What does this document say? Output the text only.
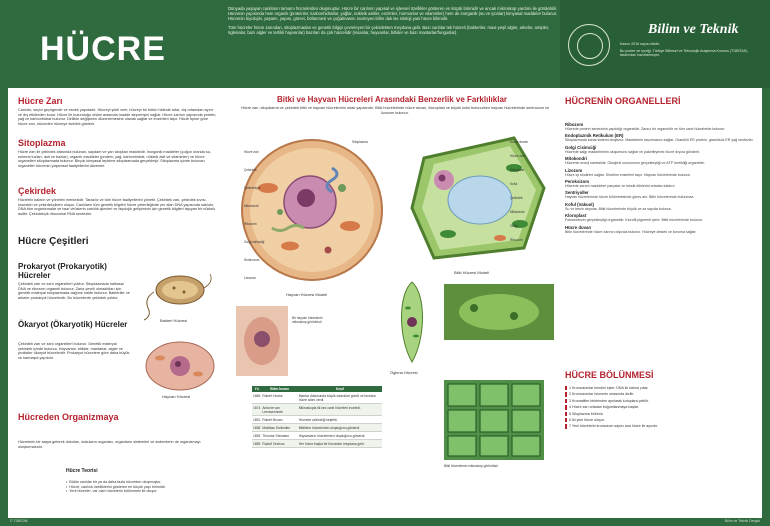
HÜCRE

Dünyada yaşayan canlıların tamamı hücrelerden oluşmuştur. Hücre bir canlının yapısal ve işlevsel özellikler gösteren en küçük birimidir ve ancak mikroskop yardımı ile görülebilir. Hücrenin yapısında hem organik (proteinler, karbonhidratlar, yağlar, nükleik asitler, enzimler, hormonlar ve vitaminler) hem de inorganik (su ve iyonlar) kimyasal maddeler bulunur. Hücrenin biyolojisi, yaşamı, yapısı, görevi, bölünmesi ve çoğalmasını inceleyen bilim dalı ise sitoloji yani hücre bilimidir.

Tüm hücreler hücre zarından, sitoplazmadan ve genetik bilgiyi çevreleyen bir çekirdekten meydana gelir. Bazı canlılar tek hücreli (bakteriler, mavi-yeşil algler, arkeler, amipler, öglenalar, bazı algler ve terlikli hayvanlar) bazıları da çok hücrelidir (insanlar, hayvanlar, bitkiler ve bazı mantarlar/funguslar).	Bilim ve Teknik

Kasım 2016 sayısı ekidir.

Bu poster ve içeriği, Türkiye Bilimsel ve Teknolojik Araştırma Kurumu (TÜBİTAK) tarafından hazırlanmıştır.

© TÜBİTAK	Bilim ve Teknik Dergisi
Hücre Zarı
Canlıdır, seçici geçirgendir ve esnek yapıdadır. Hücreyi şekil verir, hücreyi bir bütün hâlinde tutar, dış ortamdan ayırır ve dış etkilerden korur. Hücre ile bulunduğu ortam arasında madde alışverişini sağlar. Hücre zarının yapısında protein, yağ ve karbonhidrat bulunur. Dirilikle değişimini düzenlemesine olanak sağlar ve enzimleri taşır. Hücre tipine göre hücre zarı, hücreden hücreye farklılık gösterir.
Sitoplazma
Hücre zarı ile çekirdek arasında bulunan, saydam ve yarı akışkan maddedir. İnorganik maddeler (çoğun oranda su, mineral tuzları, asit ve bazlar), organik maddeler (protein, yağ, karbonhidrat, nükleik asit ve vitaminler) ve hücre organelleri sitoplazmada bulunur. Birçok kimyasal tepkime sitoplazmada gerçekleşir. Sitoplazma içinde bulunan organeller hücrenin yaşamsal faaliyetlerini düzenler.
Çekirdek
Hücrenin kalıtım ve yönetim merkezidir. Tarazöz ve tüm hücre faaliyetlerini yönetir. Çekirdek zarı, çekirdek sıvısı, kromatin ve çekirdekçikten oluşur. Canlıların tüm genetik bilgileri hücre çekirdeğinde yer alan DNA yapısında saklıdır. DNA tüm organizmalar ve bazı virüslerin canlılık işlevleri ve biyolojik gelişiminin için genetik bilgileri taşıyan bir nükleik asittir. Çekirdekçik ribozomal RNA sentezler.
Hücre Çeşitleri
Prokaryot (Prokaryotik) Hücreler
Çekirdek zarı ve zarlı organelleri yoktur. Sitoplazmada halkasal DNA ve ribozom organeli bulunur. Zarla çevrili olmadıkları için genetik materyal sitoplazmada dağınık halde bulunur. Bakteriler ve arkeler prokaryot hücrelerdir. Bu hücrelerde çekirdek yoktur.
Ökaryot (Ökaryotik) Hücreler
Çekirdek zarı ve zarlı organelleri bulunur. Genetik materyal çekirdek içinde bulunur. Hayvanlar, bitkiler, mantarlar, algler ve protistler ökaryot hücrelerdir. Prokaryot hücrelere göre daha büyük ve karmaşık yapılıdır.
Bakteri Hücresi
Hayvan Hücresi
Hücreden Organizmaya
Hücrelerin bir araya gelerek dokuları, dokuların organları, organların sistemleri ve sistemlerin de organizmayı oluşturmasıdır.
Hücre Teorisi
• Bütün canlılar bir ya da daha fazla hücreden oluşmuştur.
• Hücre, canlılık özelliklerini gösteren en küçük yapı birimidir.
• Yeni hücreler, var olan hücrelerin bölünmesi ile oluşur.
Bitki ve Hayvan Hücreleri Arasındaki Benzerlik ve Farklılıklar
Hücre zarı, sitoplazma ve çekirdek bitki ve hayvan hücrelerinin ortak yapılarıdır. Bitki hücrelerinde hücre duvarı, kloroplast ve büyük koful bulunurken hayvan hücrelerinde sentrozom ve lizozom bulunur.
Hücre zarı
Çekirdek
Çekirdekçik
Mitokondri
Ribozom
Golgi cisimciği
Sentrozom
Lizozom
Sitoplazma
Hayvan Hücresi Modeli
Hücre duvarı
Hücre zarı
Kloroplast
Koful
Çekirdek
Mitokondri
Golgi
Ribozom
Bitki Hücresi Modeli
Bir hayvan hücresinin mikroskop görüntüsü
Öglena Hücresi
Bitki hücrelerinin mikroskop görüntüsü
Yıl	Bilim İnsanı	Keşif
1665	Robert Hooke	Mantar dokusunda küçük odacıklar gördü ve bunlara hücre adını verdi.
1674	Antonie van Leeuwenhoek	Mikroskopla ilk kez canlı hücreleri inceledi.
1831	Robert Brown	Hücrede çekirdeği keşfetti.
1838	Matthias Schleiden	Bitkilerin hücrelerden oluştuğunu gösterdi.
1839	Theodor Schwann	Hayvanların hücrelerden oluştuğunu gösterdi.
1855	Rudolf Virchow	Her hücre başka bir hücreden meydana gelir.
HÜCRENİN ORGANELLERİ
Ribozom
Hücrede protein sentezinin yapıldığı organeldir. Zarsız bir organeldir ve tüm canlı hücrelerde bulunur.
Endoplazmik Retikulum (ER)
Sitoplazmada kanal sistemi oluşturur. Maddelerin taşınmasını sağlar. Granüllü ER protein, granülsüz ER yağ sentezler.
Golgi Cisimciği
Hücrede salgı maddelerinin oluşumunu sağlar ve paketleyerek hücre dışına gönderir.
Mitokondri
Hücrenin enerji santralidir. Oksijenli solunumun gerçekleştiği ve ATP üretildiği organeldir.
Lizozom
Hücre içi sindirimi sağlar. Sindirim enzimleri taşır. Hayvan hücrelerinde bulunur.
Peroksizom
Hücrede zararlı maddeleri parçalar ve toksik etkilerini ortadan kaldırır.
Sentriyoller
Hayvan hücrelerinde hücre bölünmesinde görev alır. Bitki hücrelerinde bulunmaz.
Koful (Vakuol)
Su ve besin depolar. Bitki hücrelerinde büyük ve az sayıda bulunur.
Kloroplast
Fotosentezin gerçekleştiği organeldir. Klorofil pigmenti içerir. Bitki hücrelerinde bulunur.
Hücre duvarı
Bitki hücrelerinde hücre zarının dışında bulunur. Hücreye destek ve koruma sağlar.
HÜCRE BÖLÜNMESİ
1 Kromozomlar kendini eşler. DNA iki katına çıkar.
2 Kromozomlar hücrenin ortasında dizilir.
3 Kromatitler birbirinden ayrılarak kutuplara çekilir.
4 Hücre zarı ortadan boğumlanmaya başlar.
5 Sitoplazma bölünür.
6 İki yeni hücre oluşur.
7 Yeni hücrelerin kromozom sayısı ana hücre ile aynıdır.
